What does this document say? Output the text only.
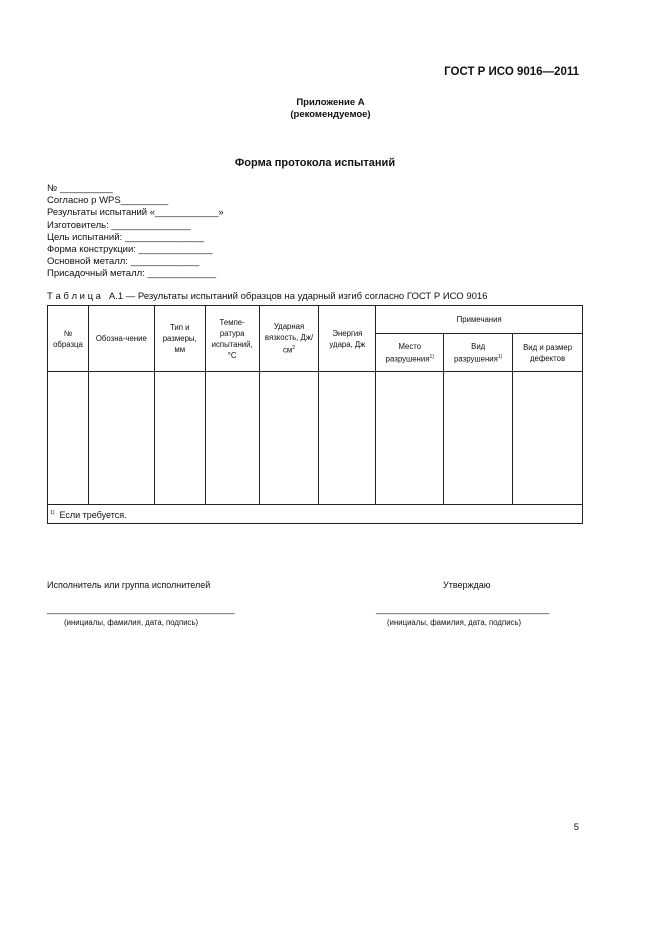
ГОСТ Р ИСО 9016—2011
Приложение А
(рекомендуемое)
Форма протокола испытаний
№ __________
Согласно р WPS_________
Результаты испытаний «____________»
Изготовитель: _______________
Цель испытаний: _______________
Форма конструкции: ______________
Основной металл: _____________
Присадочный металл: _____________
Т а б л и ц а   А.1 — Результаты испытаний образцов на ударный изгиб согласно ГОСТ Р ИСО 9016
№ образца	Обозна-чение	Тип и размеры, мм	Темпе-ратура испытаний, °С	Ударная вязкость, $Дж/см^2$	Энергия удара, Дж	Примечания		
						Место разрушения$^{1)}$	Вид разрушения$^{1)}$	Вид и размер дефектов

$^{1)}$ Если требуется.								
Исполнитель или группа исполнителей
_______________________________________
(инициалы, фамилия, дата, подпись)
Утверждаю
____________________________________
(инициалы, фамилия, дата, подпись)
5
